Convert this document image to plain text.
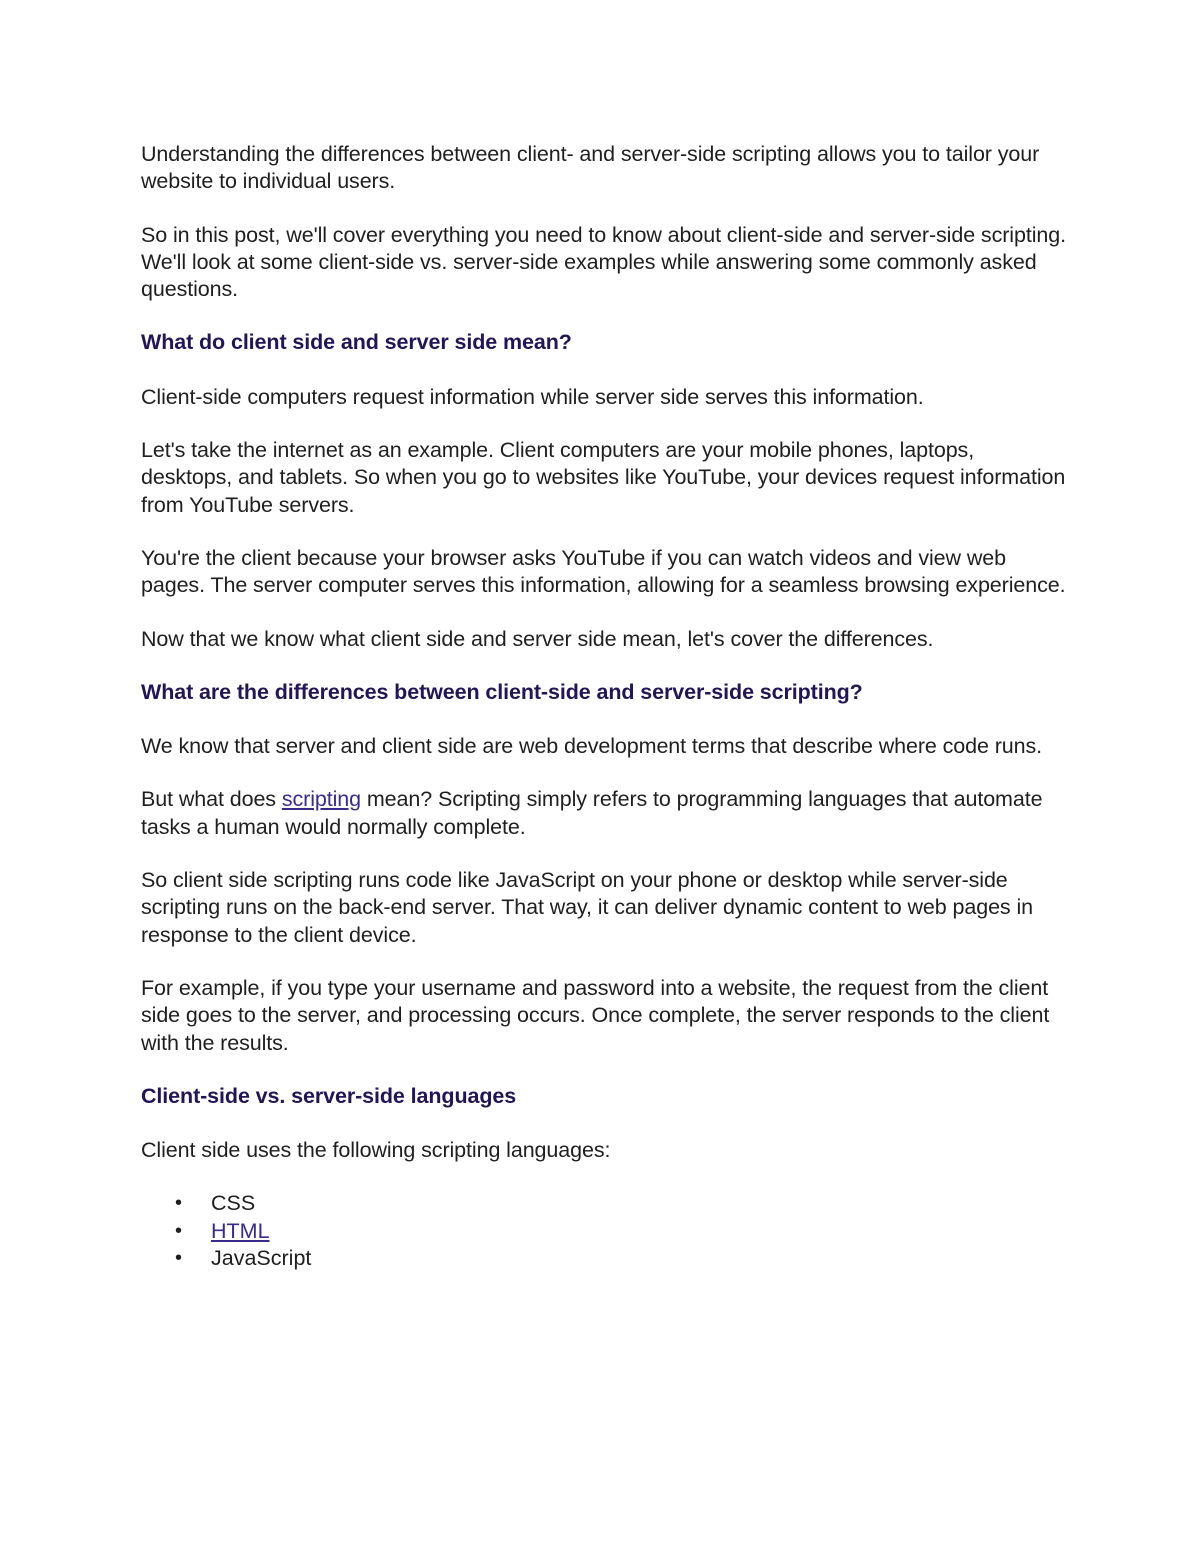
Understanding the differences between client- and server-side scripting allows you to tailor your website to individual users.

So in this post, we'll cover everything you need to know about client-side and server-side scripting. We'll look at some client-side vs. server-side examples while answering some commonly asked questions.

What do client side and server side mean?

Client-side computers request information while server side serves this information.

Let's take the internet as an example. Client computers are your mobile phones, laptops, desktops, and tablets. So when you go to websites like YouTube, your devices request information from YouTube servers.

You're the client because your browser asks YouTube if you can watch videos and view web pages. The server computer serves this information, allowing for a seamless browsing experience.

Now that we know what client side and server side mean, let's cover the differences.

What are the differences between client-side and server-side scripting?

We know that server and client side are web development terms that describe where code runs.

But what does scripting mean? Scripting simply refers to programming languages that automate tasks a human would normally complete.

So client side scripting runs code like JavaScript on your phone or desktop while server-side scripting runs on the back-end server. That way, it can deliver dynamic content to web pages in response to the client device.

For example, if you type your username and password into a website, the request from the client side goes to the server, and processing occurs. Once complete, the server responds to the client with the results.

Client-side vs. server-side languages

Client side uses the following scripting languages:

• CSS
• HTML
• JavaScript
